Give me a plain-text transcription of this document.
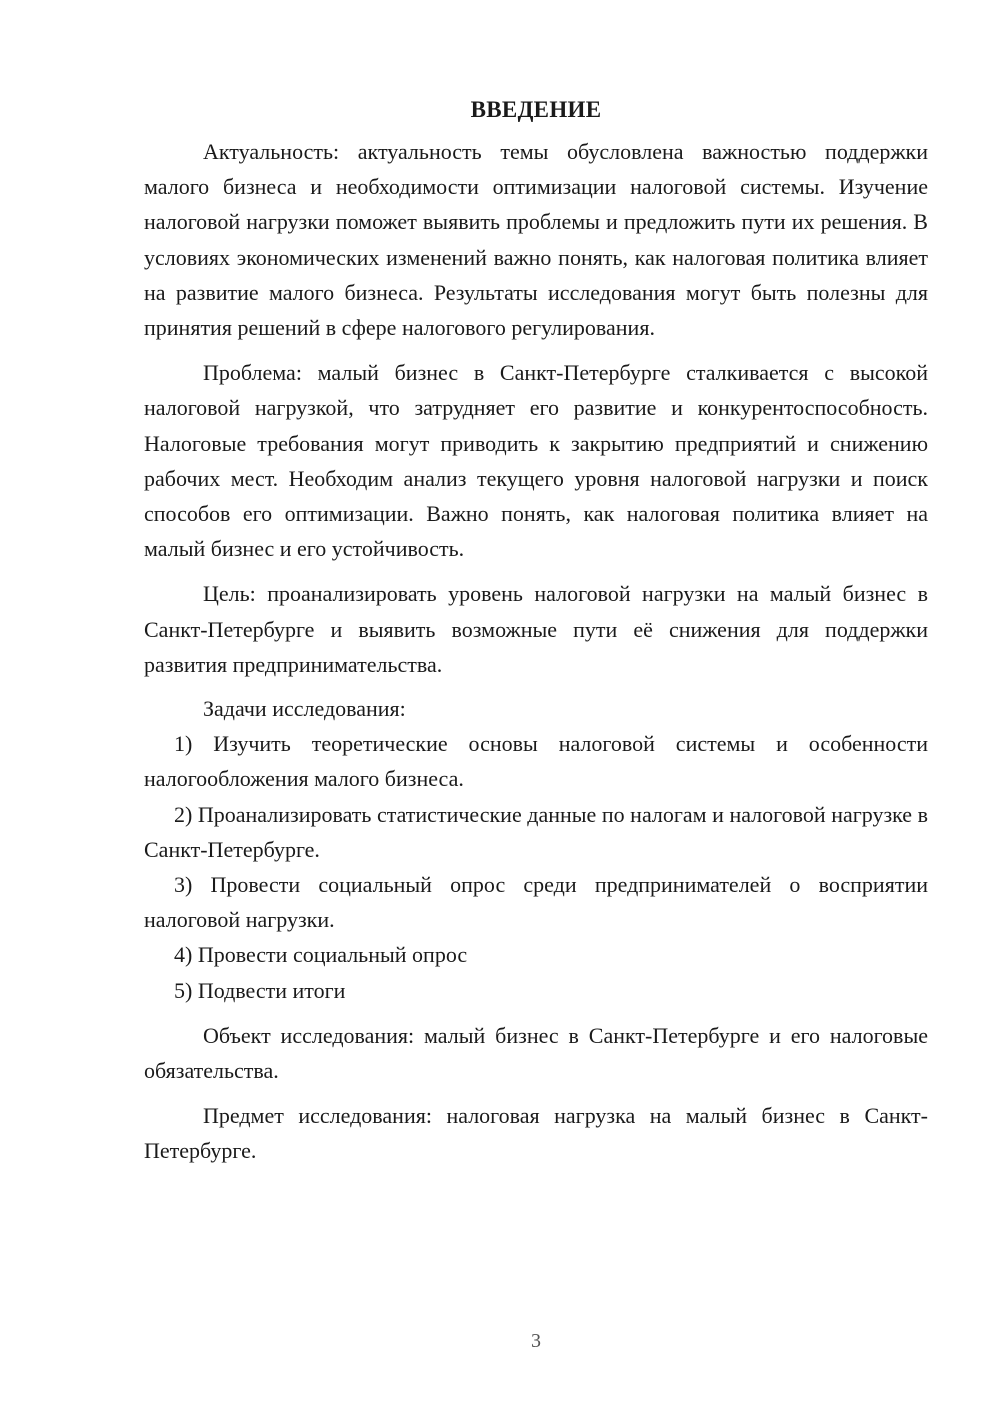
ВВЕДЕНИЕ

Актуальность: актуальность темы обусловлена важностью поддержки малого бизнеса и необходимости оптимизации налоговой системы. Изучение налоговой нагрузки поможет выявить проблемы и предложить пути их решения. В условиях экономических изменений важно понять, как налоговая политика влияет на развитие малого бизнеса. Результаты исследования могут быть полезны для принятия решений в сфере налогового регулирования.

Проблема: малый бизнес в Санкт-Петербурге сталкивается с высокой налоговой нагрузкой, что затрудняет его развитие и конкурентоспособность. Налоговые требования могут приводить к закрытию предприятий и снижению рабочих мест. Необходим анализ текущего уровня налоговой нагрузки и поиск способов его оптимизации. Важно понять, как налоговая политика влияет на малый бизнес и его устойчивость.

Цель: проанализировать уровень налоговой нагрузки на малый бизнес в Санкт-Петербурге и выявить возможные пути её снижения для поддержки развития предпринимательства.

Задачи исследования:

1) Изучить теоретические основы налоговой системы и особенности налогообложения малого бизнеса.

2) Проанализировать статистические данные по налогам и налоговой нагрузке в Санкт-Петербурге.

3) Провести социальный опрос среди предпринимателей о восприятии налоговой нагрузки.

4) Провести социальный опрос

5) Подвести итоги

Объект исследования: малый бизнес в Санкт-Петербурге и его налоговые обязательства.

Предмет исследования: налоговая нагрузка на малый бизнес в Санкт-Петербурге.

3
